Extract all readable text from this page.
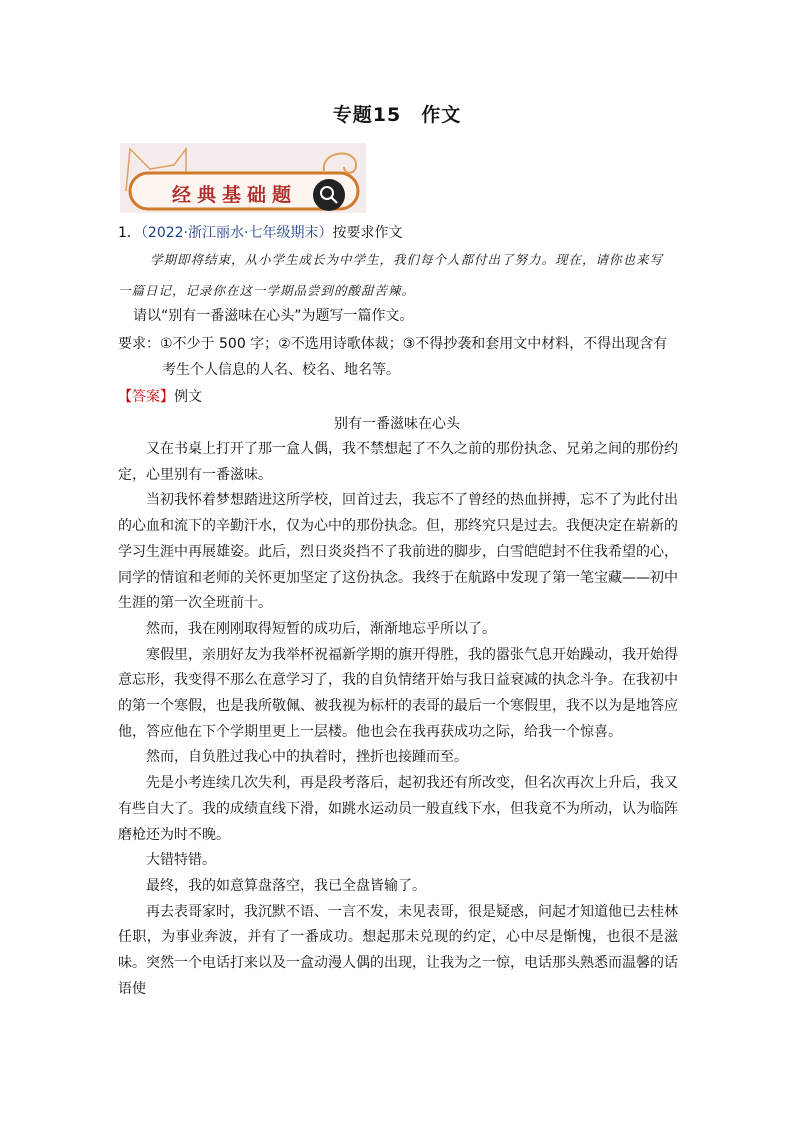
专题15　作文
经典基础题
1．（2022·浙江丽水·七年级期末）按要求作文
学期即将结束，从小学生成长为中学生，我们每个人都付出了努力。现在，请你也来写
一篇日记，记录你在这一学期品尝到的酸甜苦辣。
请以“别有一番滋味在心头”为题写一篇作文。
要求：①不少于 500 字；②不选用诗歌体裁；③不得抄袭和套用文中材料，不得出现含有
考生个人信息的人名、校名、地名等。
【答案】例文
别有一番滋味在心头

又在书桌上打开了那一盒人偶，我不禁想起了不久之前的那份执念、兄弟之间的那份约定，心里别有一番滋味。

当初我怀着梦想踏进这所学校，回首过去，我忘不了曾经的热血拼搏，忘不了为此付出的心血和流下的辛勤汗水，仅为心中的那份执念。但，那终究只是过去。我便决定在崭新的学习生涯中再展雄姿。此后，烈日炎炎挡不了我前进的脚步，白雪皑皑封不住我希望的心，同学的情谊和老师的关怀更加坚定了这份执念。我终于在航路中发现了第一笔宝藏——初中生涯的第一次全班前十。

然而，我在刚刚取得短暂的成功后，渐渐地忘乎所以了。

寒假里，亲朋好友为我举杯祝福新学期的旗开得胜，我的嚣张气息开始躁动，我开始得意忘形，我变得不那么在意学习了，我的自负情绪开始与我日益衰减的执念斗争。在我初中的第一个寒假，也是我所敬佩、被我视为标杆的表哥的最后一个寒假里，我不以为是地答应他，答应他在下个学期里更上一层楼。他也会在我再获成功之际，给我一个惊喜。

然而，自负胜过我心中的执着时，挫折也接踵而至。

先是小考连续几次失利，再是段考落后，起初我还有所改变，但名次再次上升后，我又有些自大了。我的成绩直线下滑，如跳水运动员一般直线下水，但我竟不为所动，认为临阵磨枪还为时不晚。

大错特错。

最终，我的如意算盘落空，我已全盘皆输了。

再去表哥家时，我沉默不语、一言不发，未见表哥，很是疑惑，问起才知道他已去桂林任职，为事业奔波，并有了一番成功。想起那未兑现的约定，心中尽是惭愧，也很不是滋味。突然一个电话打来以及一盒动漫人偶的出现，让我为之一惊，电话那头熟悉而温馨的话语使
